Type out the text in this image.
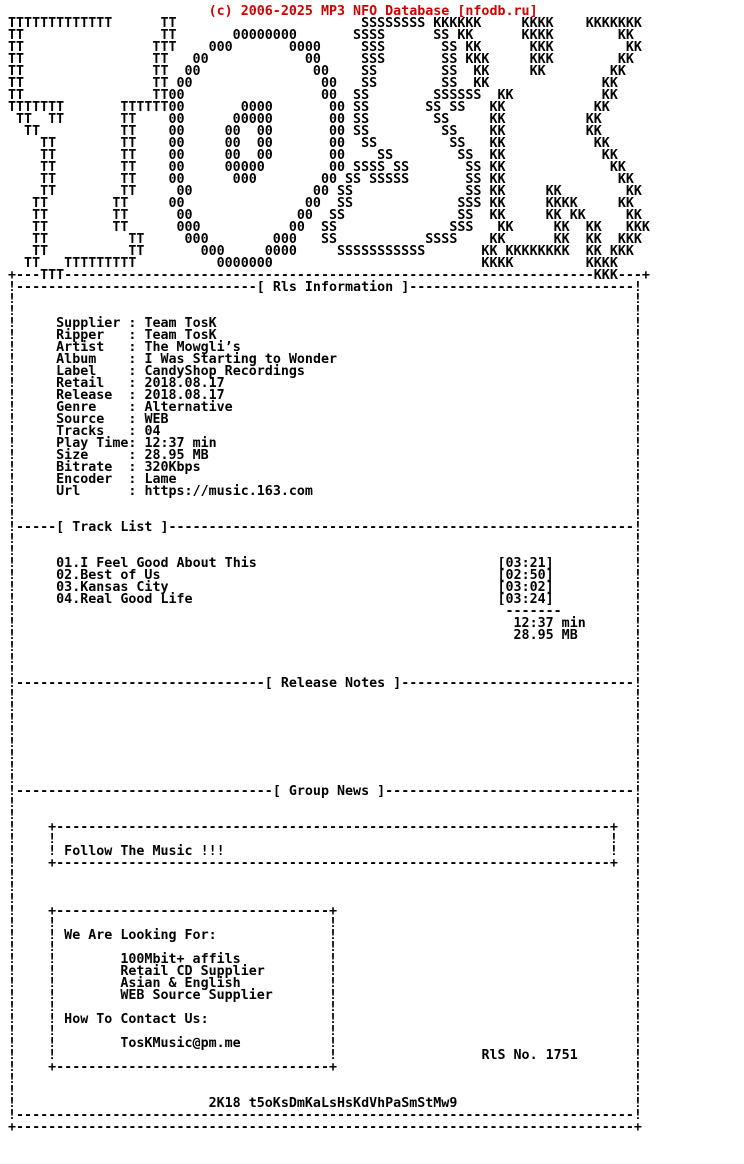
(c) 2006-2025 MP3 NFO Database [nfodb.ru]
TTTTTTTTTTTTT      TT                       SSSSSSSS KKKKKK     KKKK    KKKKKKK
TT                 TT       00000000       SSSS      SS KK      KKKK        KK
TT                TTT    000       0000     SSS       SS KK      KKK         KK
TT                TT   00            00     SSS       SS KKK     KKK        KK
TT                TT  00              00    SS        SS  KK     KK        KK
TT                TT 00                00   SS        SS  KK              KK
TT                TT00                 00  SS        SSSSSS  KK           KK
TTTTTTT       TTTTTT00       0000       00 SS       SS SS   KK           KK
TT  TT       TT    00      00000       00 SS        SS     KK          KK
TT          TT    00     00  00       00 SS         SS    KK          KK
TT        TT    00     00  00       00  SS         SS   KK           KK
TT        TT    00     00  00       00    SS        SS  KK            KK
TT        TT    00     00000        00 SSSS SS       SS KK             KK
TT        TT    00      000        00 SS SSSSS       SS KK              KK
TT        TT     00               00 SS              SS KK     KK        KK
TT        TT     00               00  SS             SSS KK     KKKK     KK
TT        TT      00             00  SS              SS  KK     KK KK     KK
TT        TT      000           00  SS              SSS   KK     KK  KK   KKK
TT          TT     000        000   SS           SSSS    KK      KK  KK  KKK
TT          TT       000     0000     SSSSSSSSSSS       KK KKKKKKKK  KK KKK
TT   TTTTTTTTT          0000000                          KKKK         KKKK
+---TTT------------------------------------------------------------------KKK---+
!------------------------------[ Rls Information ]----------------------------!
!                                                                             !
!                                                                             !
!     Supplier : Team TosK                                                    !
!     Ripper   : Team TosK                                                    !
!     Artist   : The Mowgli’s                                                 !
!     Album    : I Was Starting to Wonder                                     !
!     Label    : CandyShop Recordings                                         !
!     Retail   : 2018.08.17                                                   !
!     Release  : 2018.08.17                                                   !
!     Genre    : Alternative                                                  !
!     Source   : WEB                                                          !
!     Tracks   : 04                                                           !
!     Play Time: 12:37 min                                                    !
!     Size     : 28.95 MB                                                     !
!     Bitrate  : 320Kbps                                                      !
!     Encoder  : Lame                                                         !
!     Url      : https://music.163.com                                        !
!                                                                             !
!                                                                             !
!-----[ Track List ]----------------------------------------------------------!
!                                                                             !
!                                                                             !
!     01.I Feel Good About This	[03:21]          !
!     02.Best of Us	[02:50]          !
!     03.Kansas City	[03:02]          !
!     04.Real Good Life	[03:24]          !
!                                                             -------         !
!                                                              12:37 min      !
!                                                              28.95 MB       !
!                                                                             !
!                                                                             !
!                                                                             !
!-------------------------------[ Release Notes ]-----------------------------!
!                                                                             !
!                                                                             !
!                                                                             !
!                                                                             !
!                                                                             !
!                                                                             !
!                                                                             !
!                                                                             !
!--------------------------------[ Group News ]-------------------------------!
!                                                                             !
!                                                                             !
!    +---------------------------------------------------------------------+  !
!    !                                                                     !  !
!    ! Follow The Music !!!                                                !  !
!    +---------------------------------------------------------------------+  !
!                                                                             !
!                                                                             !
!                                                                             !
!    +----------------------------------+                                     !
!    !                                  !                                     !
!    ! We Are Looking For:              !                                     !
!    !                                  !                                     !
!    !        100Mbit+ affils           !                                     !
!    !        Retail CD Supplier        !                                     !
!    !        Asian & English           !                                     !
!    !        WEB Source Supplier       !                                     !
!    !                                  !                                     !
!    ! How To Contact Us:               !                                     !
!    !                                  !                                     !
!    !        TosKMusic@pm.me           !                                     !
!    !                                  !                  RlS No. 1751       !
!    +----------------------------------+                                     !
!                                                                             !
!                                                                             !
!                        2K18 t5oKsDmKaLsHsKdVhPaSmStMw9                      !
!-----------------------------------------------------------------------------!
+-----------------------------------------------------------------------------+
